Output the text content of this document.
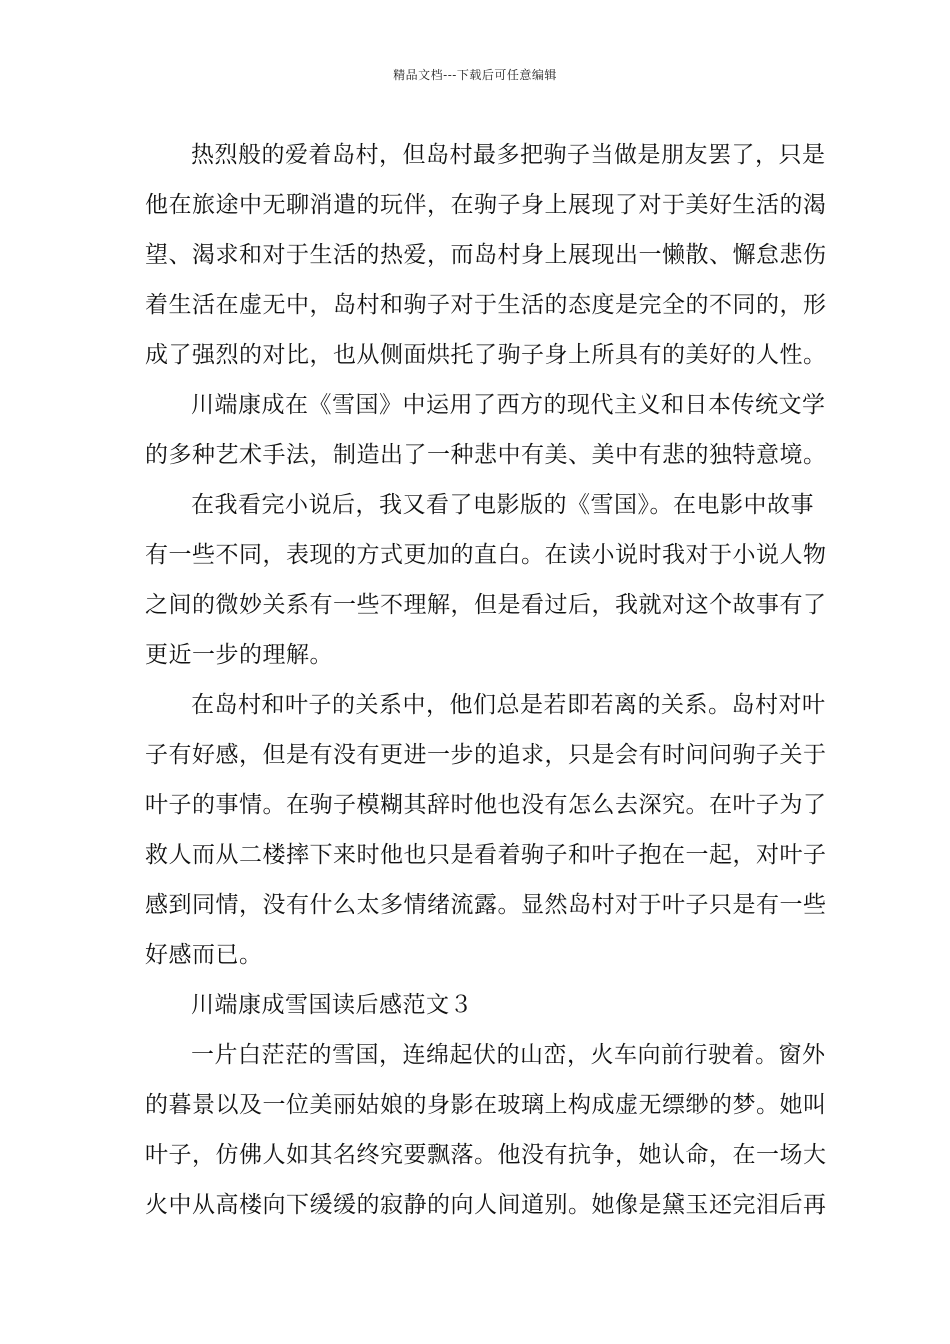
精品文档---下载后可任意编辑
热烈般的爱着岛村，但岛村最多把驹子当做是朋友罢了，只是
他在旅途中无聊消遣的玩伴，在驹子身上展现了对于美好生活的渴
望、渴求和对于生活的热爱，而岛村身上展现出一懒散、懈怠悲伤
着生活在虚无中，岛村和驹子对于生活的态度是完全的不同的，形
成了强烈的对比，也从侧面烘托了驹子身上所具有的美好的人性。
川端康成在《雪国》中运用了西方的现代主义和日本传统文学
的多种艺术手法，制造出了一种悲中有美、美中有悲的独特意境。
在我看完小说后，我又看了电影版的《雪国》。在电影中故事
有一些不同，表现的方式更加的直白。在读小说时我对于小说人物
之间的微妙关系有一些不理解，但是看过后，我就对这个故事有了
更近一步的理解。
在岛村和叶子的关系中，他们总是若即若离的关系。岛村对叶
子有好感，但是有没有更进一步的追求，只是会有时问问驹子关于
叶子的事情。在驹子模糊其辞时他也没有怎么去深究。在叶子为了
救人而从二楼摔下来时他也只是看着驹子和叶子抱在一起，对叶子
感到同情，没有什么太多情绪流露。显然岛村对于叶子只是有一些
好感而已。
川端康成雪国读后感范文３
一片白茫茫的雪国，连绵起伏的山峦，火车向前行驶着。窗外
的暮景以及一位美丽姑娘的身影在玻璃上构成虚无缥缈的梦。她叫
叶子，仿佛人如其名终究要飘落。他没有抗争，她认命，在一场大
火中从高楼向下缓缓的寂静的向人间道别。她像是黛玉还完泪后再
